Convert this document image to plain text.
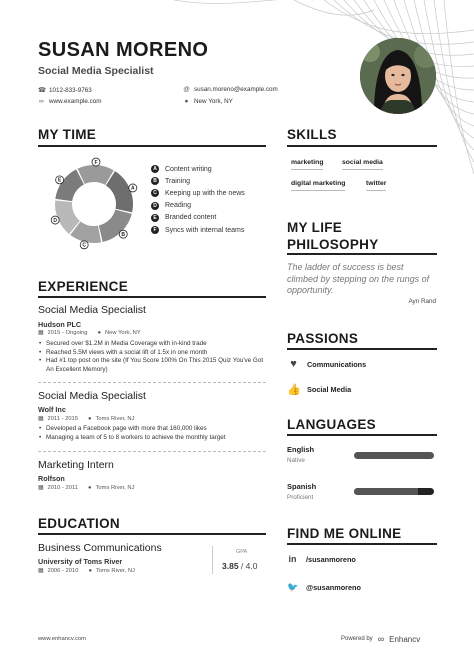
SUSAN MORENO
Social Media Specialist
☎ 1012-833-9763	@ susan.moreno@example.com
∞ www.example.com	● New York, NY
MY TIME
A
B
C
D
E
F
A	Content writing
B	Training
C	Keeping up with the news
D	Reading
E	Branded content
F	Syncs with internal teams
EXPERIENCE
Social Media Specialist
Hudson PLC
▦ 2015 - Ongoing ● New York, NY
• Secured over $1.2M in Media Coverage with in-kind trade
• Reached 5.5M views with a social lift of 1.5x in one month
• Had #1 top post on the site (If You Score 100% On This 2015 Quiz You've Got An Excellent Memory)
Social Media Specialist
Wolf Inc
▦ 2011 - 2015 ● Toms River, NJ
• Developed a Facebook page with more that 160,000 likes
• Managing a team of 5 to 8 workers to achieve the monthly target
Marketing Intern
Rolfson
▦ 2010 - 2011 ● Toms River, NJ
EDUCATION
Business Communications
University of Toms River
▦ 2006 - 2010 ● Toms River, NJ
GPA
3.85 / 4.0
SKILLS
marketing	social media
digital marketing	twitter
MY LIFE
PHILOSOPHY
The ladder of success is best climbed by stepping on the rungs of opportunity.
Ayn Rand
PASSIONS
♥	Communications
👍 Social Media
LANGUAGES
English
Native
Spanish
Proficient
FIND ME ONLINE
in /susanmoreno
🐦 @susanmoreno
www.enhancv.com	Powered by ∞ Enhancv
